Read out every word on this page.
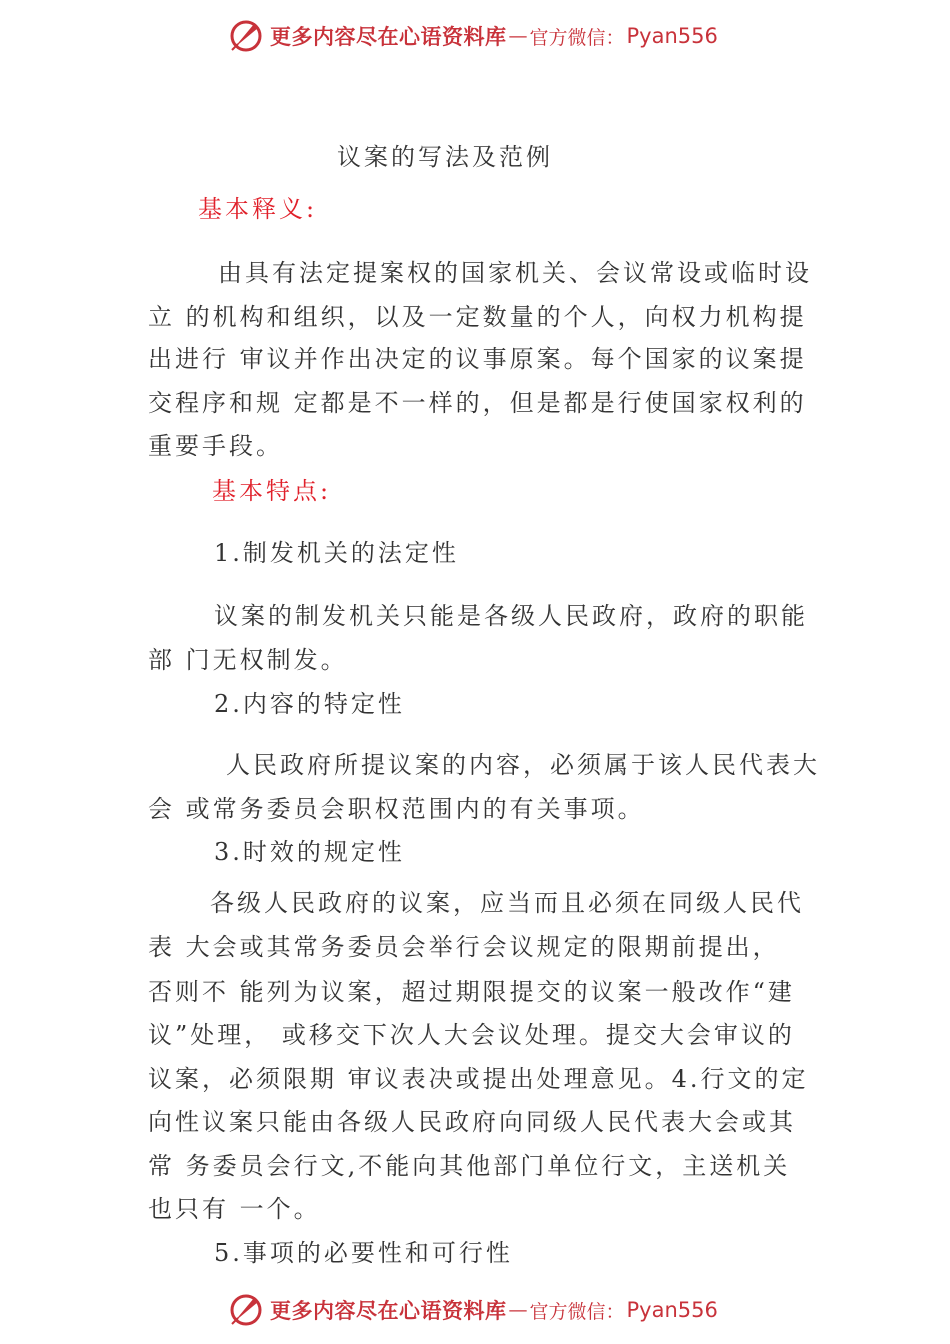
更多内容尽在心语资料库 — 官方微信： Pyan556
议案的写法及范例
基本释义:
由具有法定提案权的国家机关、会议常设或临时设
立 的机构和组织，以及一定数量的个人，向权力机构提
出进行 审议并作出决定的议事原案。每个国家的议案提
交程序和规 定都是不一样的，但是都是行使国家权利的
重要手段。
基本特点:
1.制发机关的法定性
议案的制发机关只能是各级人民政府，政府的职能
部 门无权制发。
2.内容的特定性
人民政府所提议案的内容，必须属于该人民代表大
会 或常务委员会职权范围内的有关事项。
3.时效的规定性
各级人民政府的议案，应当而且必须在同级人民代
表 大会或其常务委员会举行会议规定的限期前提出，
否则不 能列为议案，超过期限提交的议案一般改作“建
议”处理， 或移交下次人大会议处理。提交大会审议的
议案，必须限期 审议表决或提出处理意见。4.行文的定
向性议案只能由各级人民政府向同级人民代表大会或其
常 务委员会行文,不能向其他部门单位行文，主送机关
也只有 一个。
5.事项的必要性和可行性
更多内容尽在心语资料库 — 官方微信： Pyan556
